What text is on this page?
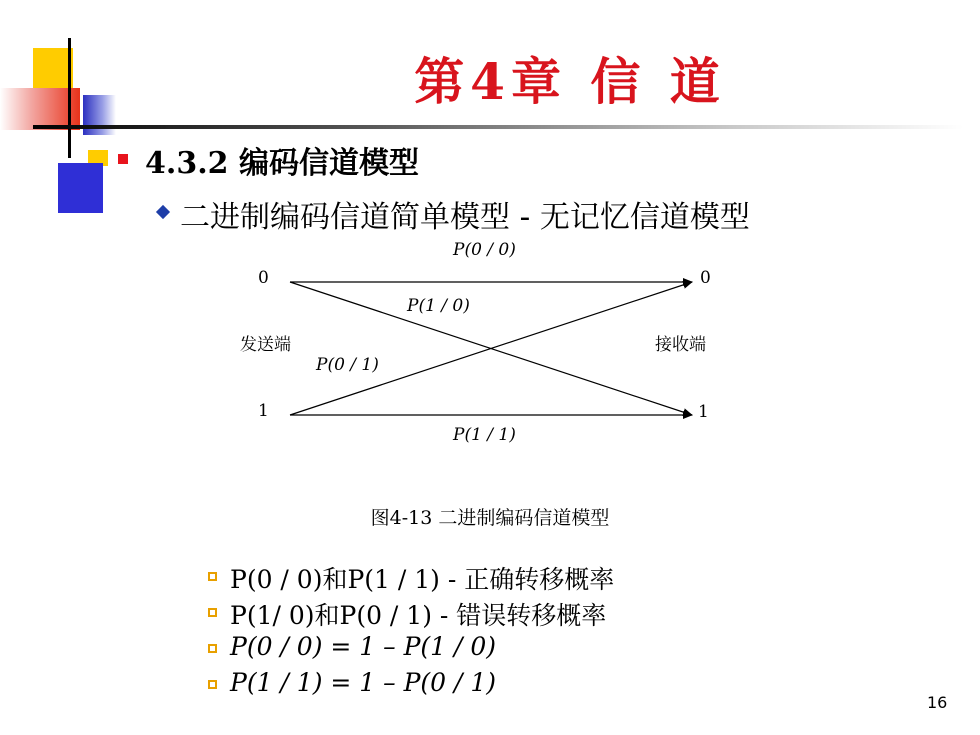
第4章 信 道
4.3.2 编码信道模型
二进制编码信道简单模型 - 无记忆信道模型
P(0 / 0)
P(1 / 0)
P(0 / 1)
P(1 / 1)
0
1
0
1
发送端	接收端
图4-13 二进制编码信道模型
P(0 / 0)和P(1 / 1) - 正确转移概率
P(1/ 0)和P(0 / 1) - 错误转移概率
P(0 / 0) = 1 – P(1 / 0)
P(1 / 1) = 1 – P(0 / 1)
16
